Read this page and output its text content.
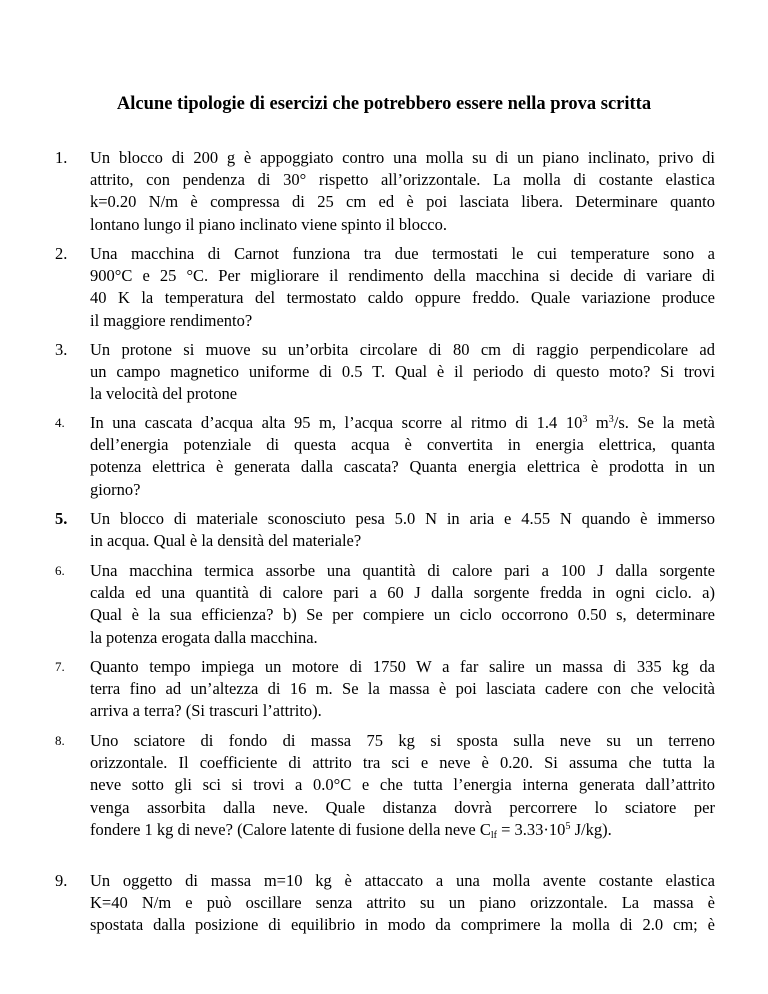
Alcune tipologie di esercizi che potrebbero essere nella prova scritta
1.	Un blocco di 200 g è appoggiato contro una molla su di un piano inclinato, privo di
attrito, con pendenza di 30° rispetto all’orizzontale. La molla di costante elastica
k=0.20 N/m è compressa di 25 cm ed è poi lasciata libera. Determinare quanto
lontano lungo il piano inclinato viene spinto il blocco.
2.	Una macchina di Carnot funziona tra due termostati le cui temperature sono a
900°C e 25 °C. Per migliorare il rendimento della macchina si decide di variare di
40 K la temperatura del termostato caldo oppure freddo. Quale variazione produce
il maggiore rendimento?
3.	Un protone si muove su un’orbita circolare di 80 cm di raggio perpendicolare ad
un campo magnetico uniforme di 0.5 T. Qual è il periodo di questo moto? Si trovi
la velocità del protone
4.	In una cascata d’acqua alta 95 m, l’acqua scorre al ritmo di 1.4 $10^3$ $m^3/s$. Se la metà
dell’energia potenziale di questa acqua è convertita in energia elettrica, quanta
potenza elettrica è generata dalla cascata? Quanta energia elettrica è prodotta in un
giorno?
5.	Un blocco di materiale sconosciuto pesa 5.0 N in aria e 4.55 N quando è immerso
in acqua. Qual è la densità del materiale?
6.	Una macchina termica assorbe una quantità di calore pari a 100 J dalla sorgente
calda ed una quantità di calore pari a 60 J dalla sorgente fredda in ogni ciclo. a)
Qual è la sua efficienza? b) Se per compiere un ciclo occorrono 0.50 s, determinare
la potenza erogata dalla macchina.
7.	Quanto tempo impiega un motore di 1750 W a far salire un massa di 335 kg da
terra fino ad un’altezza di 16 m. Se la massa è poi lasciata cadere con che velocità
arriva a terra? (Si trascuri l’attrito).
8.	Uno sciatore di fondo di massa 75 kg si sposta sulla neve su un terreno
orizzontale. Il coefficiente di attrito tra sci e neve è 0.20. Si assuma che tutta la
neve sotto gli sci si trovi a 0.0°C e che tutta l’energia interna generata dall’attrito
venga assorbita dalla neve. Quale distanza dovrà percorrere lo sciatore per
fondere 1 kg di neve? (Calore latente di fusione della neve $C_{lf} = 3.33\cdot 10^5$ J/kg).
9.	Un oggetto di massa m=10 kg è attaccato a una molla avente costante elastica
K=40 N/m e può oscillare senza attrito su un piano orizzontale. La massa è
spostata dalla posizione di equilibrio in modo da comprimere la molla di 2.0 cm; è
